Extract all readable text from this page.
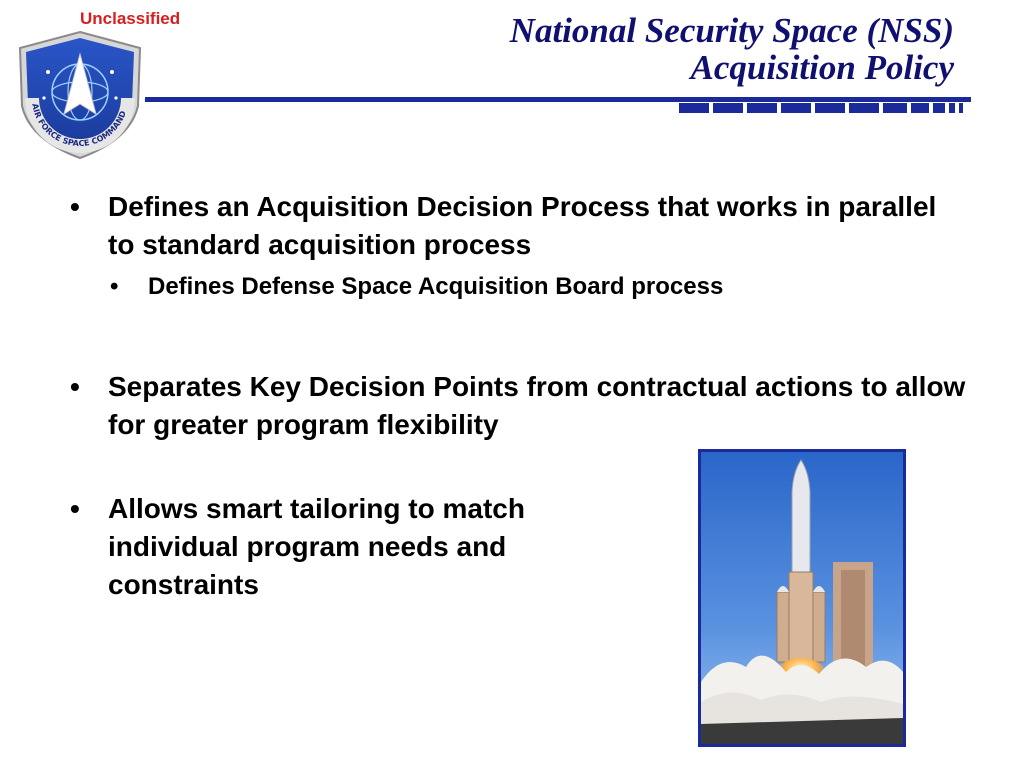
Unclassified
AIR FORCE SPACE COMMAND
National Security Space (NSS)
Acquisition Policy
• Defines an Acquisition Decision Process that works in parallel to standard acquisition process
• Defines Defense Space Acquisition Board process
• Separates Key Decision Points from contractual actions to allow for greater program flexibility
• Allows smart tailoring to match individual program needs and constraints
